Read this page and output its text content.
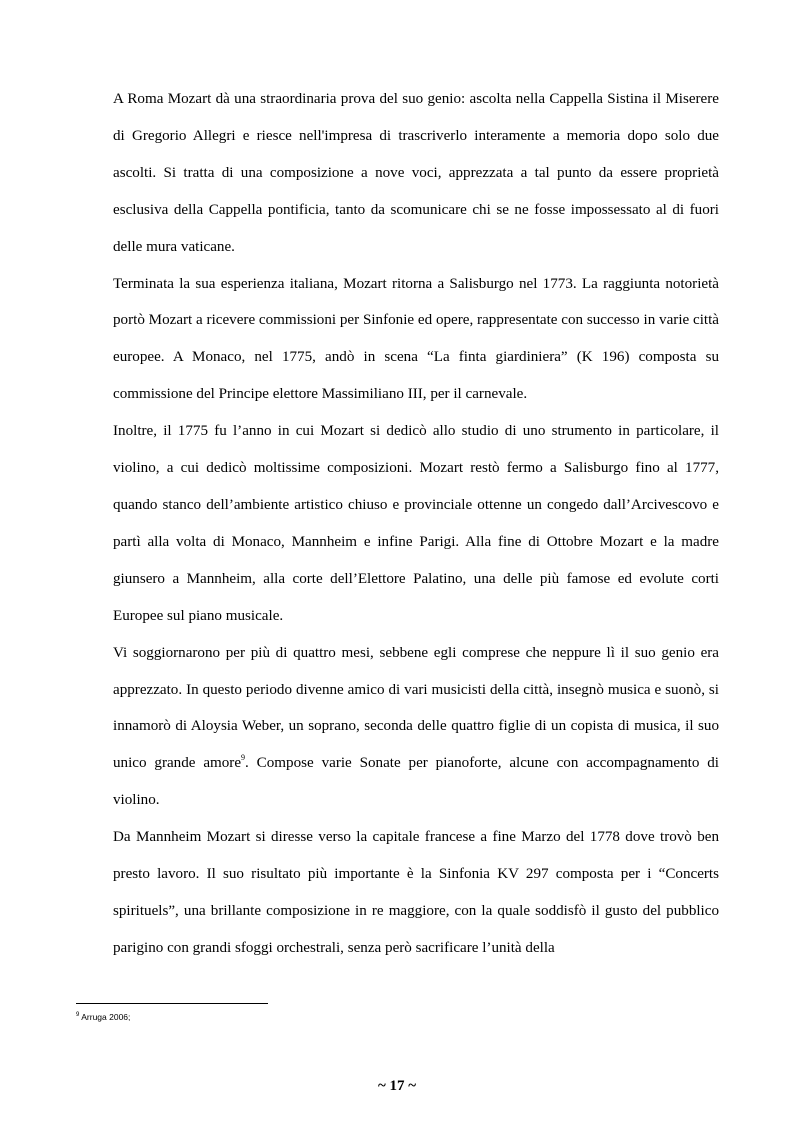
A Roma Mozart dà una straordinaria prova del suo genio: ascolta nella Cappella Sistina il Miserere di Gregorio Allegri e riesce nell'impresa di trascriverlo interamente a memoria dopo solo due ascolti. Si tratta di una composizione a nove voci, apprezzata a tal punto da essere proprietà esclusiva della Cappella pontificia, tanto da scomunicare chi se ne fosse impossessato al di fuori delle mura vaticane.

Terminata la sua esperienza italiana, Mozart ritorna a Salisburgo nel 1773. La raggiunta notorietà portò Mozart a ricevere commissioni per Sinfonie ed opere, rappresentate con successo in varie città europee. A Monaco, nel 1775, andò in scena “La finta giardiniera” (K 196) composta su commissione del Principe elettore Massimiliano III, per il carnevale.

Inoltre, il 1775 fu l’anno in cui Mozart si dedicò allo studio di uno strumento in particolare, il violino, a cui dedicò moltissime composizioni. Mozart restò fermo a Salisburgo fino al 1777, quando stanco dell’ambiente artistico chiuso e provinciale ottenne un congedo dall’Arcivescovo e partì alla volta di Monaco, Mannheim e infine Parigi. Alla fine di Ottobre Mozart e la madre giunsero a Mannheim, alla corte dell’Elettore Palatino, una delle più famose ed evolute corti Europee sul piano musicale.

Vi soggiornarono per più di quattro mesi, sebbene egli comprese che neppure lì il suo genio era apprezzato. In questo periodo divenne amico di vari musicisti della città, insegnò musica e suonò, si innamorò di Aloysia Weber, un soprano, seconda delle quattro figlie di un copista di musica, il suo unico grande amore$^9$. Compose varie Sonate per pianoforte, alcune con accompagnamento di violino.

Da Mannheim Mozart si diresse verso la capitale francese a fine Marzo del 1778 dove trovò ben presto lavoro. Il suo risultato più importante è la Sinfonia KV 297 composta per i “Concerts spirituels”, una brillante composizione in re maggiore, con la quale soddisfò il gusto del pubblico parigino con grandi sfoggi orchestrali, senza però sacrificare l’unità della

$^9$ Arruga 2006;
~ 17 ~
